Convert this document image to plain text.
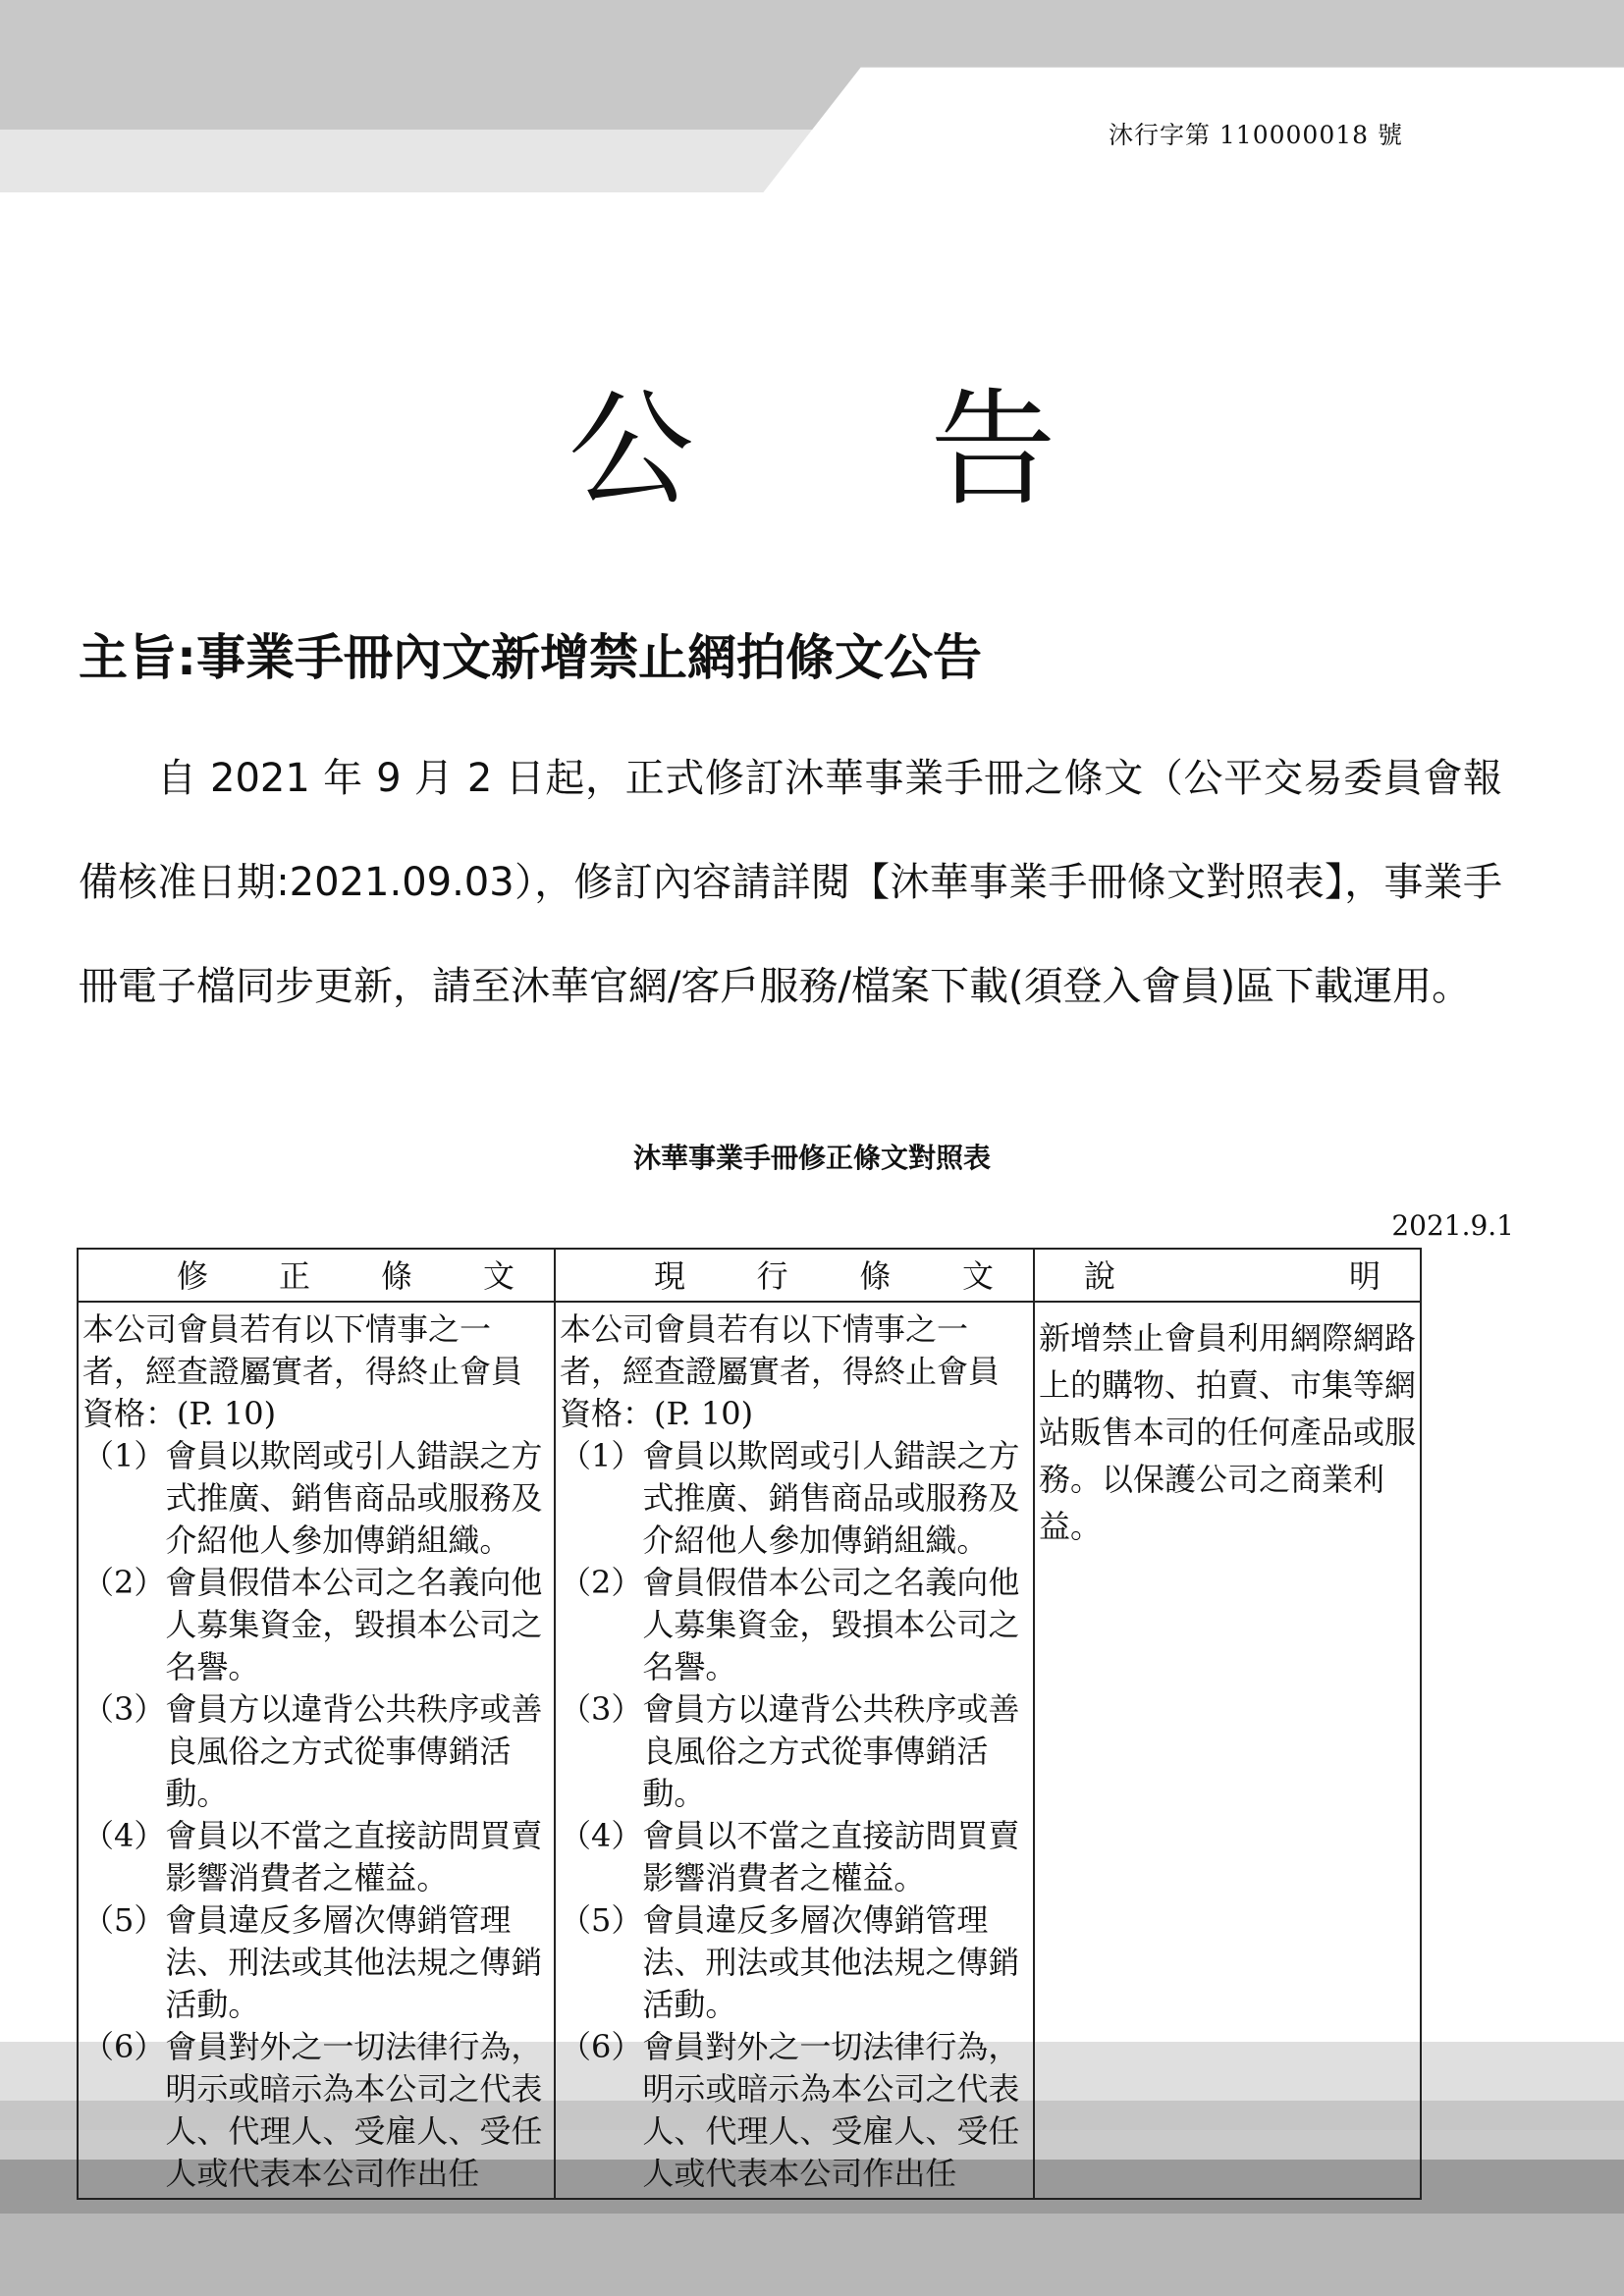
沐行字第 110000018 號
公 告
主旨:事業手冊內文新增禁止網拍條文公告
自 2021 年 9 月 2 日起，正式修訂沐華事業手冊之條文（公平交易委員會報備核准日期:2021.09.03），修訂內容請詳閱【沐華事業手冊條文對照表】，事業手冊電子檔同步更新，請至沐華官網/客戶服務/檔案下載(須登入會員)區下載運用。
沐華事業手冊修正條文對照表
2021.9.1
修 正 條 文
本公司會員若有以下情事之一者，經查證屬實者，得終止會員資格：(P. 10)
（1） 會員以欺罔或引人錯誤之方式推廣、銷售商品或服務及介紹他人參加傳銷組織。
（2） 會員假借本公司之名義向他人募集資金，毀損本公司之名譽。
（3） 會員方以違背公共秩序或善良風俗之方式從事傳銷活動。
（4） 會員以不當之直接訪問買賣影響消費者之權益。
（5） 會員違反多層次傳銷管理法、刑法或其他法規之傳銷活動。
（6） 會員對外之一切法律行為，明示或暗示為本公司之代表人、代理人、受雇人、受任人或代表本公司作出任
現 行 條 文
本公司會員若有以下情事之一者，經查證屬實者，得終止會員資格：(P. 10)
（1） 會員以欺罔或引人錯誤之方式推廣、銷售商品或服務及介紹他人參加傳銷組織。
（2） 會員假借本公司之名義向他人募集資金，毀損本公司之名譽。
（3） 會員方以違背公共秩序或善良風俗之方式從事傳銷活動。
（4） 會員以不當之直接訪問買賣影響消費者之權益。
（5） 會員違反多層次傳銷管理法、刑法或其他法規之傳銷活動。
（6） 會員對外之一切法律行為，明示或暗示為本公司之代表人、代理人、受雇人、受任人或代表本公司作出任
說	明
新增禁止會員利用網際網路上的購物、拍賣、市集等網站販售本司的任何產品或服務。以保護公司之商業利益。
